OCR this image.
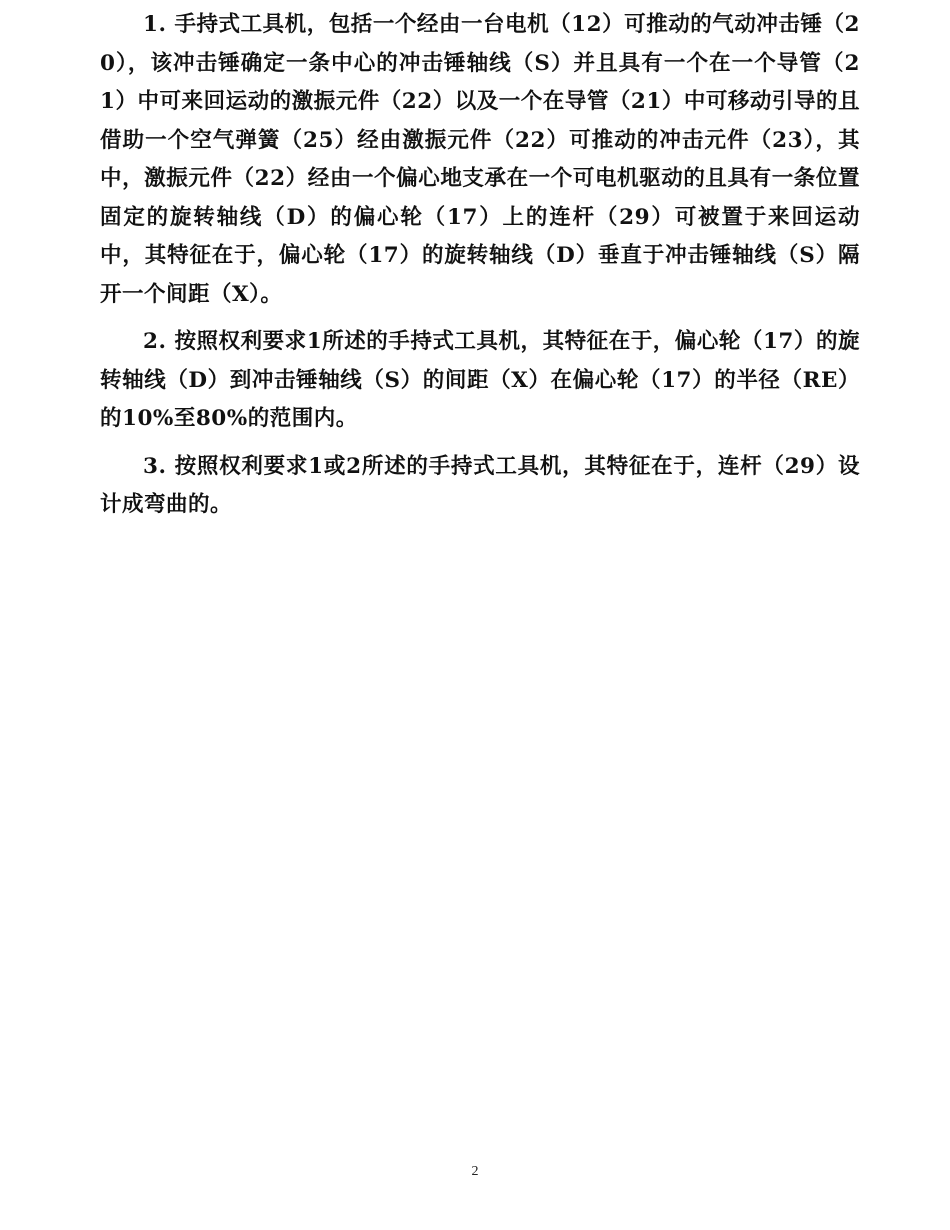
1. 手持式工具机，包括一个经由一台电机（12）可推动的气动冲击锤（20），该冲击锤确定一条中心的冲击锤轴线（S）并且具有一个在一个导管（21）中可来回运动的激振元件（22）以及一个在导管（21）中可移动引导的且借助一个空气弹簧（25）经由激振元件（22）可推动的冲击元件（23），其中，激振元件（22）经由一个偏心地支承在一个可电机驱动的且具有一条位置固定的旋转轴线（D）的偏心轮（17）上的连杆（29）可被置于来回运动中，其特征在于，偏心轮（17）的旋转轴线（D）垂直于冲击锤轴线（S）隔开一个间距（X）。

2. 按照权利要求1所述的手持式工具机，其特征在于，偏心轮（17）的旋转轴线（D）到冲击锤轴线（S）的间距（X）在偏心轮（17）的半径（RE）的10%至80%的范围内。

3. 按照权利要求1或2所述的手持式工具机，其特征在于，连杆（29）设计成弯曲的。

2
